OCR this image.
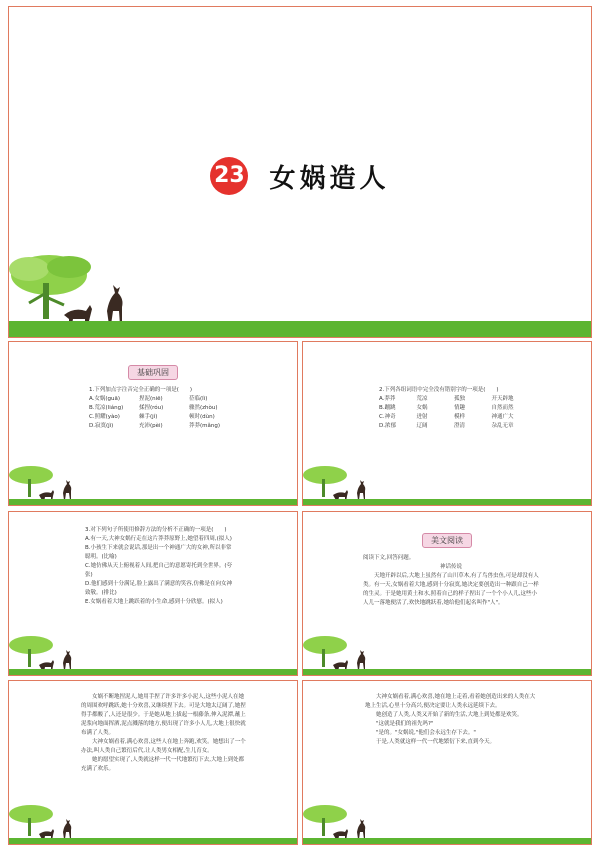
23 女娲造人
基础巩固
1.下列加点字注音完全正确的一项是(　　)
A.女娲(guā)	捏泥(niē)	莅临(lì)
B.荒凉(liáng)	揉捏(róu)	骤然(zhòu)
C.照耀(yào)	棘手(jí)	顿时(dùn)
D.寂寞(jì)	充沛(pèi)	莽莽(mǎng)
2.下列各组词语中完全没有错别字的一项是(　　)
A.莽莽	荒凉	孤独	开天辟地
B.蹦跳	女娲	情趣	自然而然
C.神奇	迸射	模样	神通广大
D.浓郁	辽阔	澄清	杂乱无章
3.对下列句子所使用修辞方法的分析不正确的一项是(　　)
A.有一天,大神女娲行走在这片莽莽原野上,她望着四周,(拟人)
B.小孩生下来就会说话,那是出一个神通广大的女神,所以非常聪明。(比喻)
C.她仿佛从天上俯视着人间,把自己的意愿寄托到全世界。(夸张)
D.他们感到十分满足,脸上露出了满意的笑容,仿佛是在向女神致敬。(排比)
E.女娲看着大地上跳跃着的小生命,感到十分欣慰。(拟人)
美文阅读
阅读下文,回答问题。
神话传说
天地开辟以后,大地上虽然有了山川草木,有了鸟兽虫鱼,可是却没有人类。有一天,女娲看着大地,感到十分寂寞,她决定要创造出一种跟自己一样的生灵。于是她用黄土和水,照着自己的样子捏出了一个个小人儿,这些小人儿一落地便活了,欢快地跳跃着,她给他们起名叫作"人"。
女娲不断地捏泥人,她用手捏了许多许多小泥人,这些小泥人在她的周围欢呼跳跃,她十分欢喜,又继续捏下去。可是大地太辽阔了,她捏得手都酸了,人还是很少。于是她从地上拔起一根藤条,伸入泥潭,蘸上泥浆向地面挥洒,泥点溅落的地方,便出现了许多小人儿,大地上很快就布满了人类。
大神女娲看着,满心欢喜,这些人在地上奔跑,欢笑。她想出了一个办法,叫人类自己繁衍后代,让人类男女相配,生儿育女。
她的愿望实现了,人类就这样一代一代地繁衍下去,大地上到处都充满了欢乐。
大神女娲看着,满心欢喜,她在地上走着,看着她创造出来的人类在大地上生活,心里十分高兴,便决定要让人类永远延续下去。
她创造了人类,人类又开始了新的生活,大地上到处都是欢笑。
"这就是我们的祖先吗?"
"是的。"女娲说,"他们会永远生存下去。"
于是,人类就这样一代一代地繁衍下来,直到今天。
